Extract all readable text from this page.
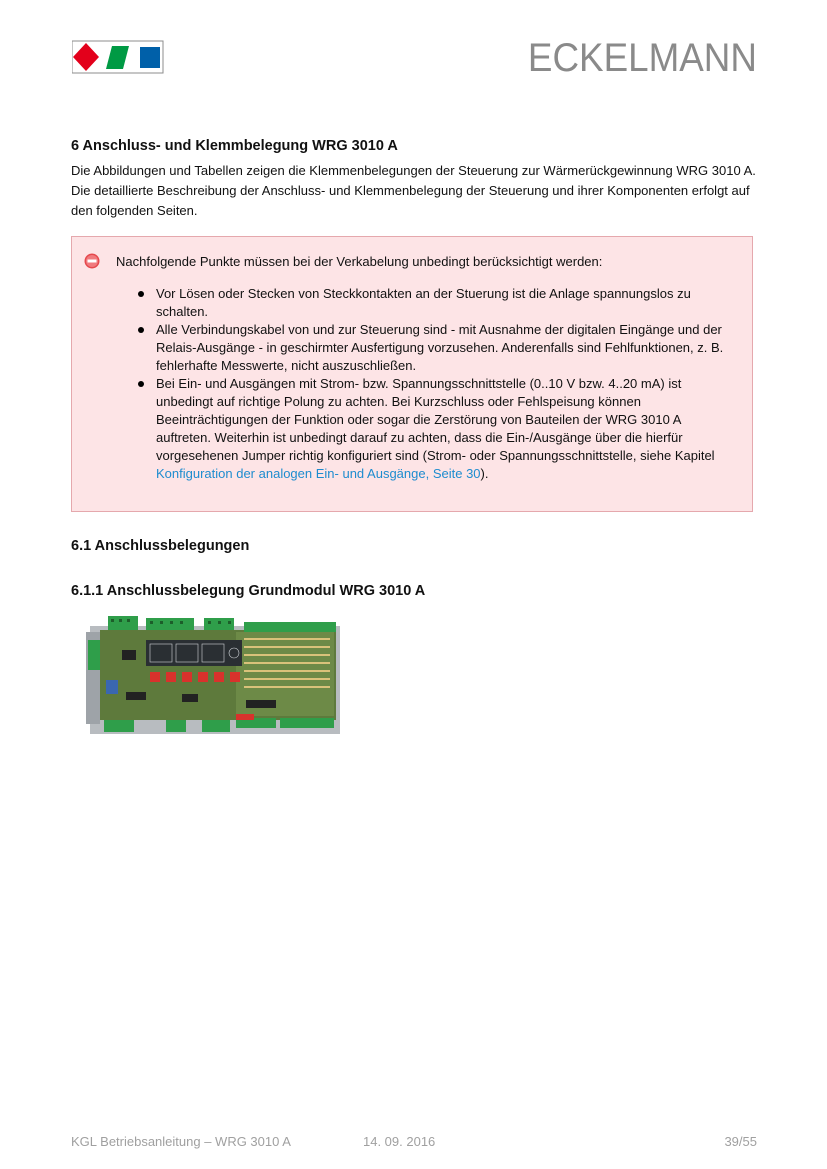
ECKELMANN
6 Anschluss- und Klemmbelegung WRG 3010 A

Die Abbildungen und Tabellen zeigen die Klemmenbelegungen der Steuerung zur Wärmerückgewinnung WRG 3010 A. Die detaillierte Beschreibung der Anschluss- und Klemmenbelegung der Steuerung und ihrer Komponenten erfolgt auf den folgenden Seiten.

Nachfolgende Punkte müssen bei der Verkabelung unbedingt berücksichtigt werden:

Vor Lösen oder Stecken von Steckkontakten an der Stuerung ist die Anlage spannungslos zu schalten.
Alle Verbindungskabel von und zur Steuerung sind - mit Ausnahme der digitalen Eingänge und der Relais-Ausgänge - in geschirmter Ausfertigung vorzusehen. Anderenfalls sind Fehlfunktionen, z. B. fehlerhafte Messwerte, nicht auszuschließen.
Bei Ein- und Ausgängen mit Strom- bzw. Spannungsschnittstelle (0..10 V bzw. 4..20 mA) ist unbedingt auf richtige Polung zu achten. Bei Kurzschluss oder Fehlspeisung können Beeinträchtigungen der Funktion oder sogar die Zerstörung von Bauteilen der WRG 3010 A auftreten. Weiterhin ist unbedingt darauf zu achten, dass die Ein-/Ausgänge über die hierfür vorgesehenen Jumper richtig konfiguriert sind (Strom- oder Spannungsschnittstelle, siehe Kapitel Konfiguration der analogen Ein- und Ausgänge, Seite 30).
6.1 Anschlussbelegungen
6.1.1 Anschlussbelegung Grundmodul WRG 3010 A

KGL Betriebsanleitung – WRG 3010 A	14. 09. 2016	39/55
